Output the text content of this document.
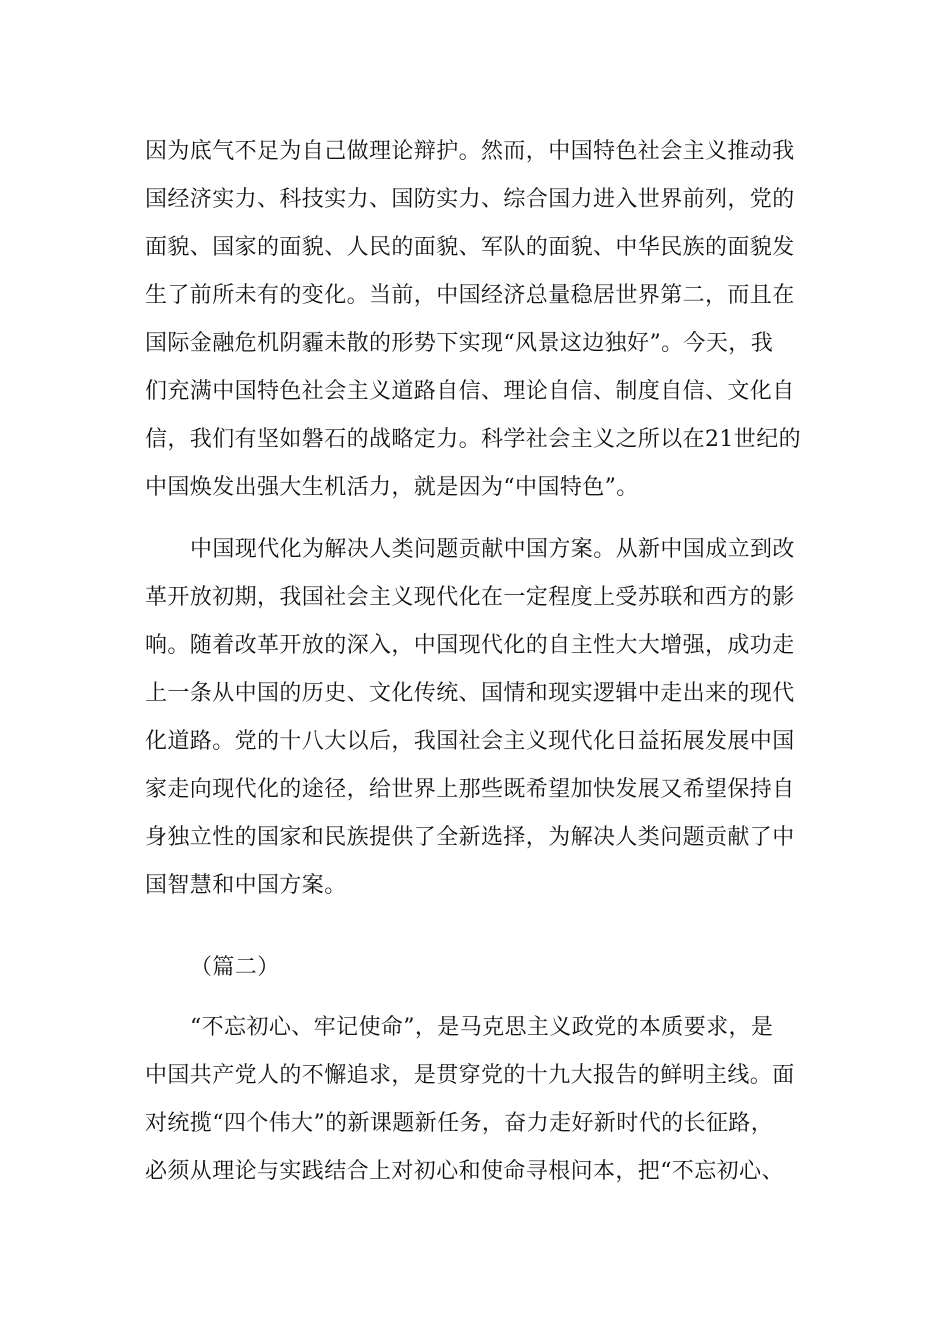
因为底气不足为自己做理论辩护。然而，中国特色社会主义推动我
国经济实力、科技实力、国防实力、综合国力进入世界前列，党的
面貌、国家的面貌、人民的面貌、军队的面貌、中华民族的面貌发
生了前所未有的变化。当前，中国经济总量稳居世界第二，而且在
国际金融危机阴霾未散的形势下实现“风景这边独好”。今天，我
们充满中国特色社会主义道路自信、理论自信、制度自信、文化自
信，我们有坚如磐石的战略定力。科学社会主义之所以在21世纪的
中国焕发出强大生机活力，就是因为“中国特色”。
中国现代化为解决人类问题贡献中国方案。从新中国成立到改
革开放初期，我国社会主义现代化在一定程度上受苏联和西方的影
响。随着改革开放的深入，中国现代化的自主性大大增强，成功走
上一条从中国的历史、文化传统、国情和现实逻辑中走出来的现代
化道路。党的十八大以后，我国社会主义现代化日益拓展发展中国
家走向现代化的途径，给世界上那些既希望加快发展又希望保持自
身独立性的国家和民族提供了全新选择，为解决人类问题贡献了中
国智慧和中国方案。
（篇二）
“不忘初心、牢记使命”，是马克思主义政党的本质要求，是
中国共产党人的不懈追求，是贯穿党的十九大报告的鲜明主线。面
对统揽“四个伟大”的新课题新任务，奋力走好新时代的长征路，
必须从理论与实践结合上对初心和使命寻根问本，把“不忘初心、
